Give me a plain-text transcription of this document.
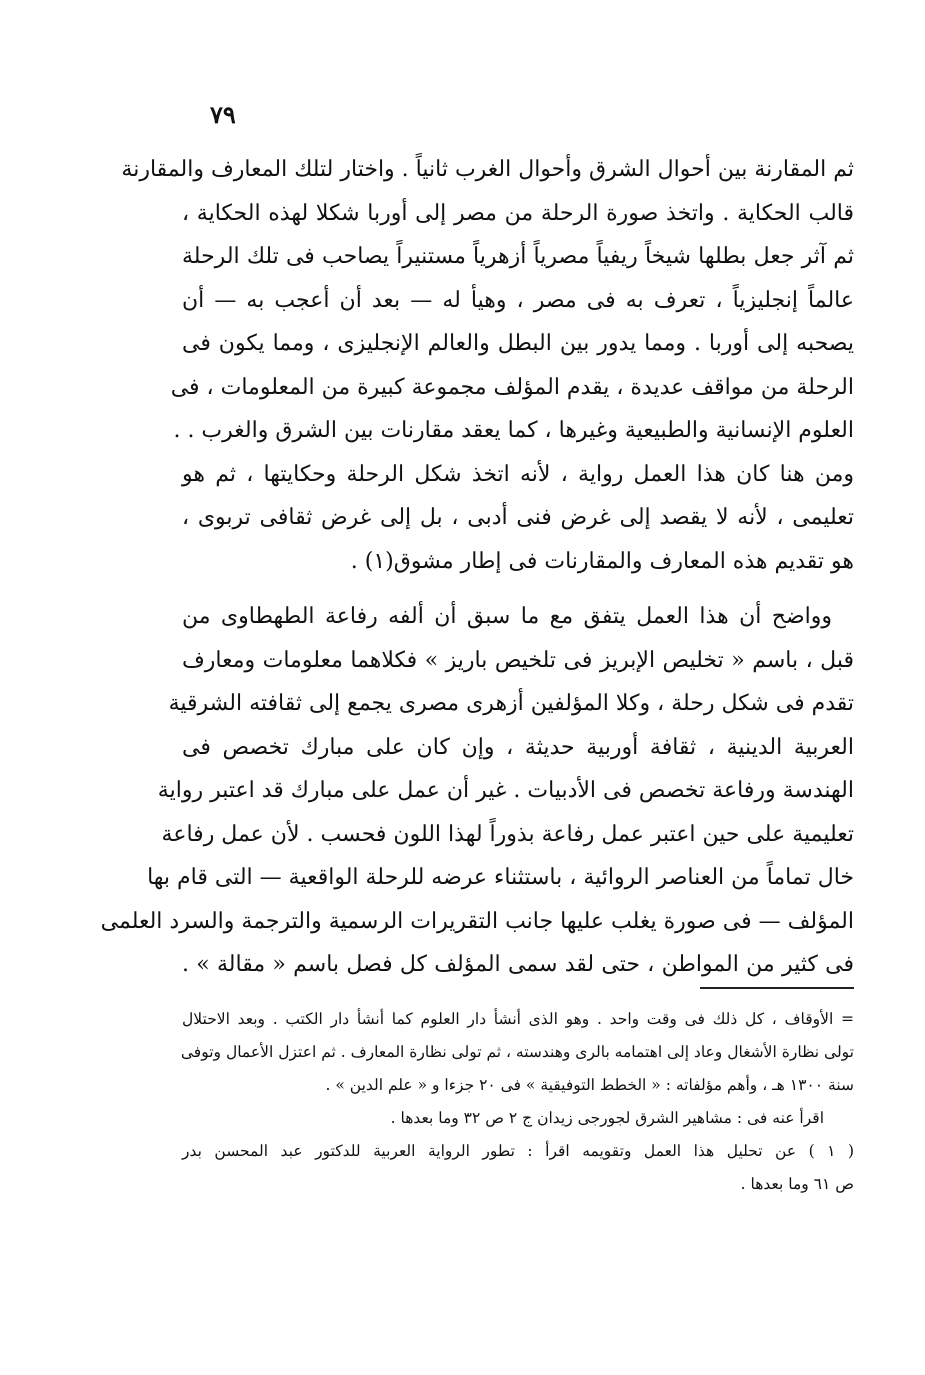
٧٩
ثم المقارنة بين أحوال الشرق وأحوال الغرب ثانياً . واختار لتلك المعارف والمقارنة
قالب الحكاية . واتخذ صورة الرحلة من مصر إلى أوربا شكلا لهذه الحكاية ،
ثم آثر جعل بطلها شيخاً ريفياً مصرياً أزهرياً مستنيراً يصاحب فى تلك الرحلة
عالماً إنجليزياً ، تعرف به فى مصر ، وهيأ له — بعد أن أعجب به — أن
يصحبه إلى أوربا . ومما يدور بين البطل والعالم الإنجليزى ، ومما يكون فى
الرحلة من مواقف عديدة ، يقدم المؤلف مجموعة كبيرة من المعلومات ، فى
العلوم الإنسانية والطبيعية وغيرها ، كما يعقد مقارنات بين الشرق والغرب . .
ومن هنا كان هذا العمل رواية ، لأنه اتخذ شكل الرحلة وحكايتها ، ثم هو
تعليمى ، لأنه لا يقصد إلى غرض فنى أدبى ، بل إلى غرض ثقافى تربوى ،
هو تقديم هذه المعارف والمقارنات فى إطار مشوق(١) .
وواضح أن هذا العمل يتفق مع ما سبق أن ألفه رفاعة الطهطاوى من
قبل ، باسم « تخليص الإبريز فى تلخيص باريز » فكلاهما معلومات ومعارف
تقدم فى شكل رحلة ، وكلا المؤلفين أزهرى مصرى يجمع إلى ثقافته الشرقية
العربية الدينية ، ثقافة أوربية حديثة ، وإن كان على مبارك تخصص فى
الهندسة ورفاعة تخصص فى الأدبيات . غير أن عمل على مبارك قد اعتبر رواية
تعليمية على حين اعتبر عمل رفاعة بذوراً لهذا اللون فحسب . لأن عمل رفاعة
خال تماماً من العناصر الروائية ، باستثناء عرضه للرحلة الواقعية — التى قام بها
المؤلف — فى صورة يغلب عليها جانب التقريرات الرسمية والترجمة والسرد العلمى
فى كثير من المواطن ، حتى لقد سمى المؤلف كل فصل باسم « مقالة » .
= الأوقاف ، كل ذلك فى وقت واحد . وهو الذى أنشأ دار العلوم كما أنشأ دار الكتب . وبعد الاحتلال
تولى نظارة الأشغال وعاد إلى اهتمامه بالرى وهندسته ، ثم تولى نظارة المعارف . ثم اعتزل الأعمال وتوفى
سنة ١٣٠٠ هـ ، وأهم مؤلفاته : « الخطط التوفيقية » فى ٢٠ جزءا و « علم الدين » .
اقرأ عنه فى : مشاهير الشرق لجورجى زيدان ج ٢ ص ٣٢ وما بعدها .
( ١ ) عن تحليل هذا العمل وتقويمه اقرأ : تطور الرواية العربية للدكتور عبد المحسن بدر
ص ٦١ وما بعدها .
